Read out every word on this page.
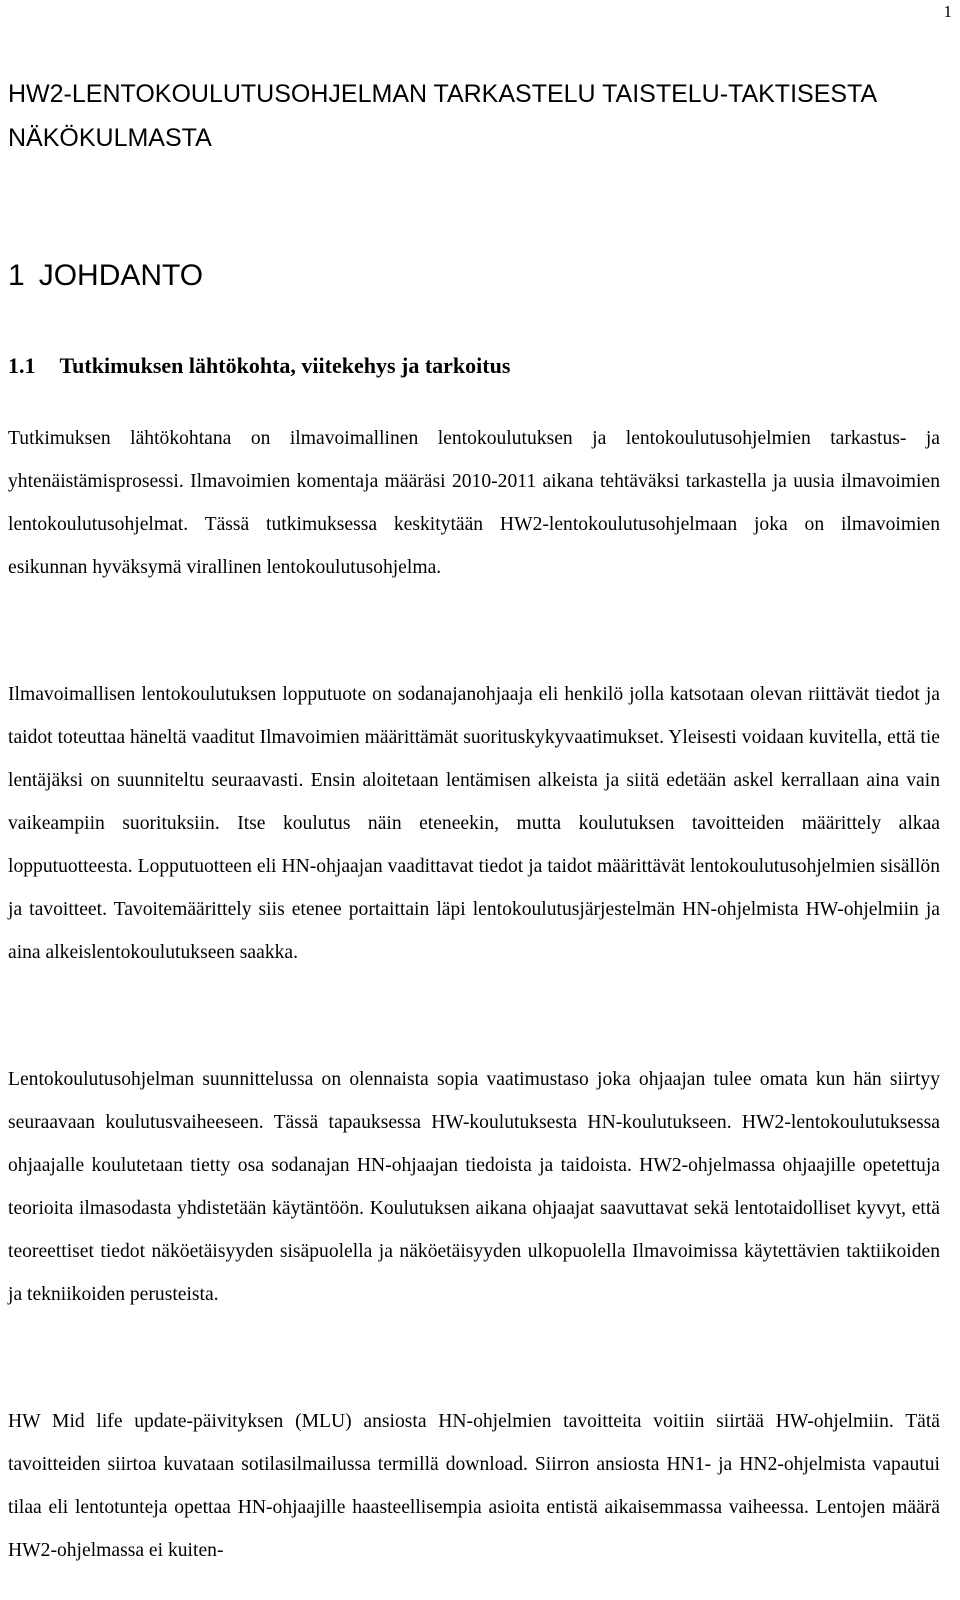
1
HW2-LENTOKOULUTUSOHJELMAN TARKASTELU TAISTELU-TAKTISESTA NÄKÖKULMASTA
1 JOHDANTO
1.1 Tutkimuksen lähtökohta, viitekehys ja tarkoitus

Tutkimuksen lähtökohtana on ilmavoimallinen lentokoulutuksen ja lentokoulutusohjelmien tarkastus- ja yhtenäistämisprosessi. Ilmavoimien komentaja määräsi 2010-2011 aikana tehtäväksi tarkastella ja uusia ilmavoimien lentokoulutusohjelmat. Tässä tutkimuksessa keskitytään HW2-lentokoulutusohjelmaan joka on ilmavoimien esikunnan hyväksymä virallinen lentokoulutusohjelma.

Ilmavoimallisen lentokoulutuksen lopputuote on sodanajanohjaaja eli henkilö jolla katsotaan olevan riittävät tiedot ja taidot toteuttaa häneltä vaaditut Ilmavoimien määrittämät suorituskykyvaatimukset. Yleisesti voidaan kuvitella, että tie lentäjäksi on suunniteltu seuraavasti. Ensin aloitetaan lentämisen alkeista ja siitä edetään askel kerrallaan aina vain vaikeampiin suorituksiin. Itse koulutus näin eteneekin, mutta koulutuksen tavoitteiden määrittely alkaa lopputuotteesta. Lopputuotteen eli HN-ohjaajan vaadittavat tiedot ja taidot määrittävät lentokoulutusohjelmien sisällön ja tavoitteet. Tavoitemäärittely siis etenee portaittain läpi lentokoulutusjärjestelmän HN-ohjelmista HW-ohjelmiin ja aina alkeislentokoulutukseen saakka.

Lentokoulutusohjelman suunnittelussa on olennaista sopia vaatimustaso joka ohjaajan tulee omata kun hän siirtyy seuraavaan koulutusvaiheeseen. Tässä tapauksessa HW-koulutuksesta HN-koulutukseen. HW2-lentokoulutuksessa ohjaajalle koulutetaan tietty osa sodanajan HN-ohjaajan tiedoista ja taidoista. HW2-ohjelmassa ohjaajille opetettuja teorioita ilmasodasta yhdistetään käytäntöön. Koulutuksen aikana ohjaajat saavuttavat sekä lentotaidolliset kyvyt, että teoreettiset tiedot näköetäisyyden sisäpuolella ja näköetäisyyden ulkopuolella Ilmavoimissa käytettävien taktiikoiden ja tekniikoiden perusteista.

HW Mid life update-päivityksen (MLU) ansiosta HN-ohjelmien tavoitteita voitiin siirtää HW-ohjelmiin. Tätä tavoitteiden siirtoa kuvataan sotilasilmailussa termillä download. Siirron ansiosta HN1- ja HN2-ohjelmista vapautui tilaa eli lentotunteja opettaa HN-ohjaajille haasteellisempia asioita entistä aikaisemmassa vaiheessa. Lentojen määrä HW2-ohjelmassa ei kuiten-
